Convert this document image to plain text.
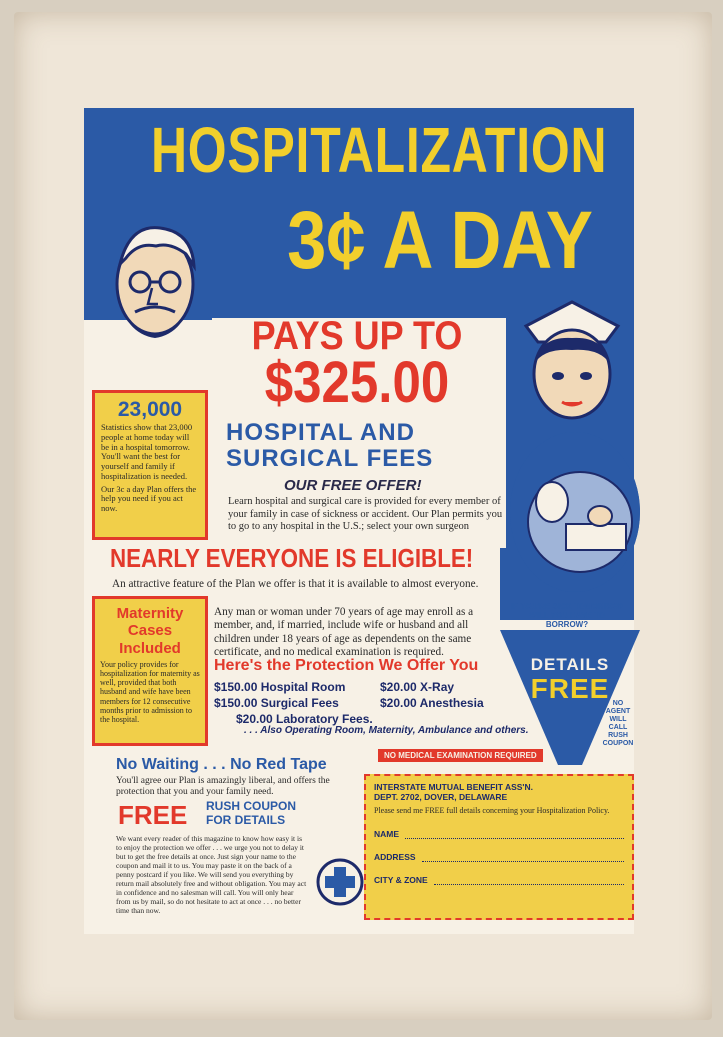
HOSPITALIZATION
3¢ A DAY
PAYS UP TO
$325.00
HOSPITAL AND
SURGICAL FEES
OUR FREE OFFER!
Learn hospital and surgical care is provided for every member of your family in case of sickness or accident. Our Plan permits you to go to any hospital in the U.S.; select your own surgeon
23,000
Statistics show that 23,000 people at home today will be in a hospital tomorrow. You'll want the best for yourself and family if hospitalization is needed.
Our 3c a day Plan offers the help you need if you act now.
NEARLY EVERYONE IS ELIGIBLE!
An attractive feature of the Plan we offer is that it is available to almost everyone.
Any man or woman under 70 years of age may enroll as a member, and, if married, include wife or husband and all children under 18 years of age as dependents on the same certificate, and no medical examination is required.
Maternity Cases Included
Your policy provides for hospitalization for maternity as well, provided that both husband and wife have been members for 12 consecutive months prior to admission to the hospital.
Here's the Protection We Offer You
$150.00 Hospital Room	$20.00 X-Ray
$150.00 Surgical Fees	$20.00 Anesthesia
$20.00 Laboratory Fees.
. . . Also Operating Room, Maternity, Ambulance and others.
IF YOU'RE SICK TOMORROW WILL YOU HAVE TO BORROW?
DETAILS
FREE NO AGENT WILL CALL RUSH COUPON
NO MEDICAL EXAMINATION REQUIRED
No Waiting . . . No Red Tape
You'll agree our Plan is amazingly liberal, and offers the protection that you and your family need.
FREE RUSH COUPON
FOR DETAILS
We want every reader of this magazine to know how easy it is to enjoy the protection we offer . . . we urge you not to delay it but to get the free details at once. Just sign your name to the coupon and mail it to us. You may paste it on the back of a penny postcard if you like. We will send you everything by return mail absolutely free and without obligation. You may act in confidence and no salesman will call. You will only hear from us by mail, so do not hesitate to act at once . . . no better time than now.
INTERSTATE MUTUAL BENEFIT ASS'N.
DEPT. 2702, DOVER, DELAWARE
Please send me FREE full details concerning your Hospitalization Policy.
NAME
ADDRESS
CITY & ZONE
